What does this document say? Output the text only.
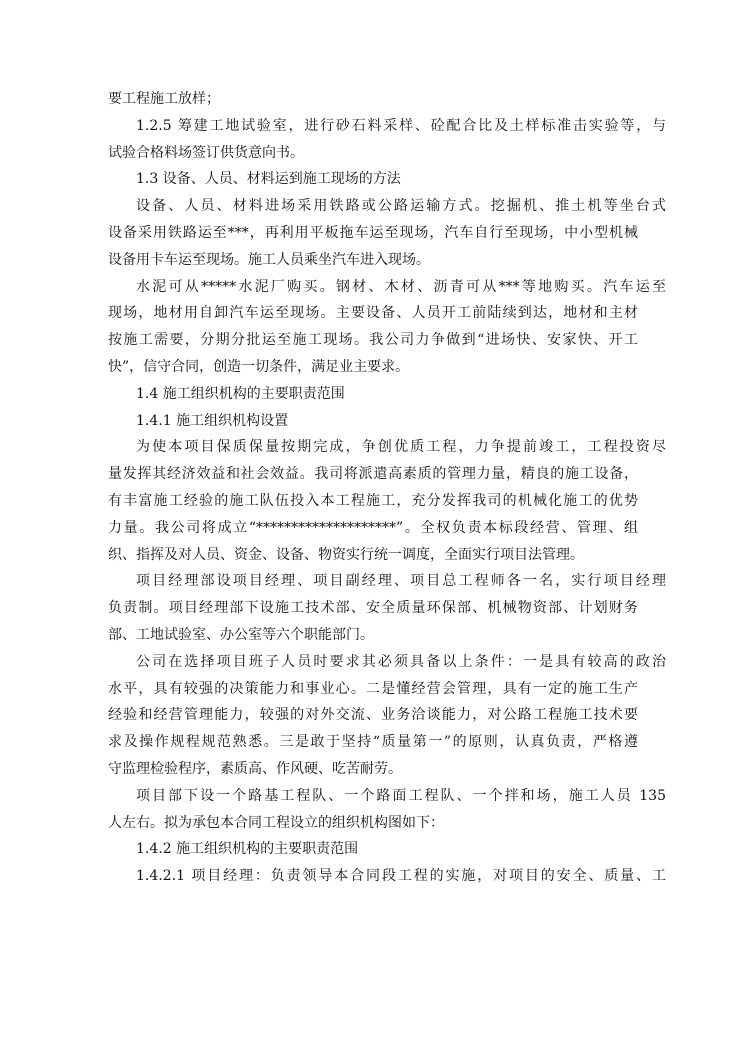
要工程施工放样；
1.2.5 筹建工地试验室，进行砂石料采样、砼配合比及土样标准击实验等，与
试验合格料场签订供货意向书。
1.3 设备、人员、材料运到施工现场的方法
设备、人员、材料进场采用铁路或公路运输方式。挖掘机、推土机等坐台式
设备采用铁路运至***，再利用平板拖车运至现场，汽车自行至现场，中小型机械
设备用卡车运至现场。施工人员乘坐汽车进入现场。
水泥可从*****水泥厂购买。钢材、木材、沥青可从***等地购买。汽车运至
现场，地材用自卸汽车运至现场。主要设备、人员开工前陆续到达，地材和主材
按施工需要，分期分批运至施工现场。我公司力争做到“进场快、安家快、开工
快”，信守合同，创造一切条件，满足业主要求。
1.4 施工组织机构的主要职责范围
1.4.1 施工组织机构设置
为使本项目保质保量按期完成，争创优质工程，力争提前竣工，工程投资尽
量发挥其经济效益和社会效益。我司将派遣高素质的管理力量，精良的施工设备，
有丰富施工经验的施工队伍投入本工程施工，充分发挥我司的机械化施工的优势
力量。我公司将成立“********************”。全权负责本标段经营、管理、组
织、指挥及对人员、资金、设备、物资实行统一调度，全面实行项目法管理。
项目经理部设项目经理、项目副经理、项目总工程师各一名，实行项目经理
负责制。项目经理部下设施工技术部、安全质量环保部、机械物资部、计划财务
部、工地试验室、办公室等六个职能部门。
公司在选择项目班子人员时要求其必须具备以上条件：一是具有较高的政治
水平，具有较强的决策能力和事业心。二是懂经营会管理，具有一定的施工生产
经验和经营管理能力，较强的对外交流、业务洽谈能力，对公路工程施工技术要
求及操作规程规范熟悉。三是敢于坚持“质量第一”的原则，认真负责，严格遵
守监理检验程序，素质高、作风硬、吃苦耐劳。
项目部下设一个路基工程队、一个路面工程队、一个拌和场，施工人员 135
人左右。拟为承包本合同工程设立的组织机构图如下：
1.4.2 施工组织机构的主要职责范围
1.4.2.1 项目经理：负责领导本合同段工程的实施，对项目的安全、质量、工
